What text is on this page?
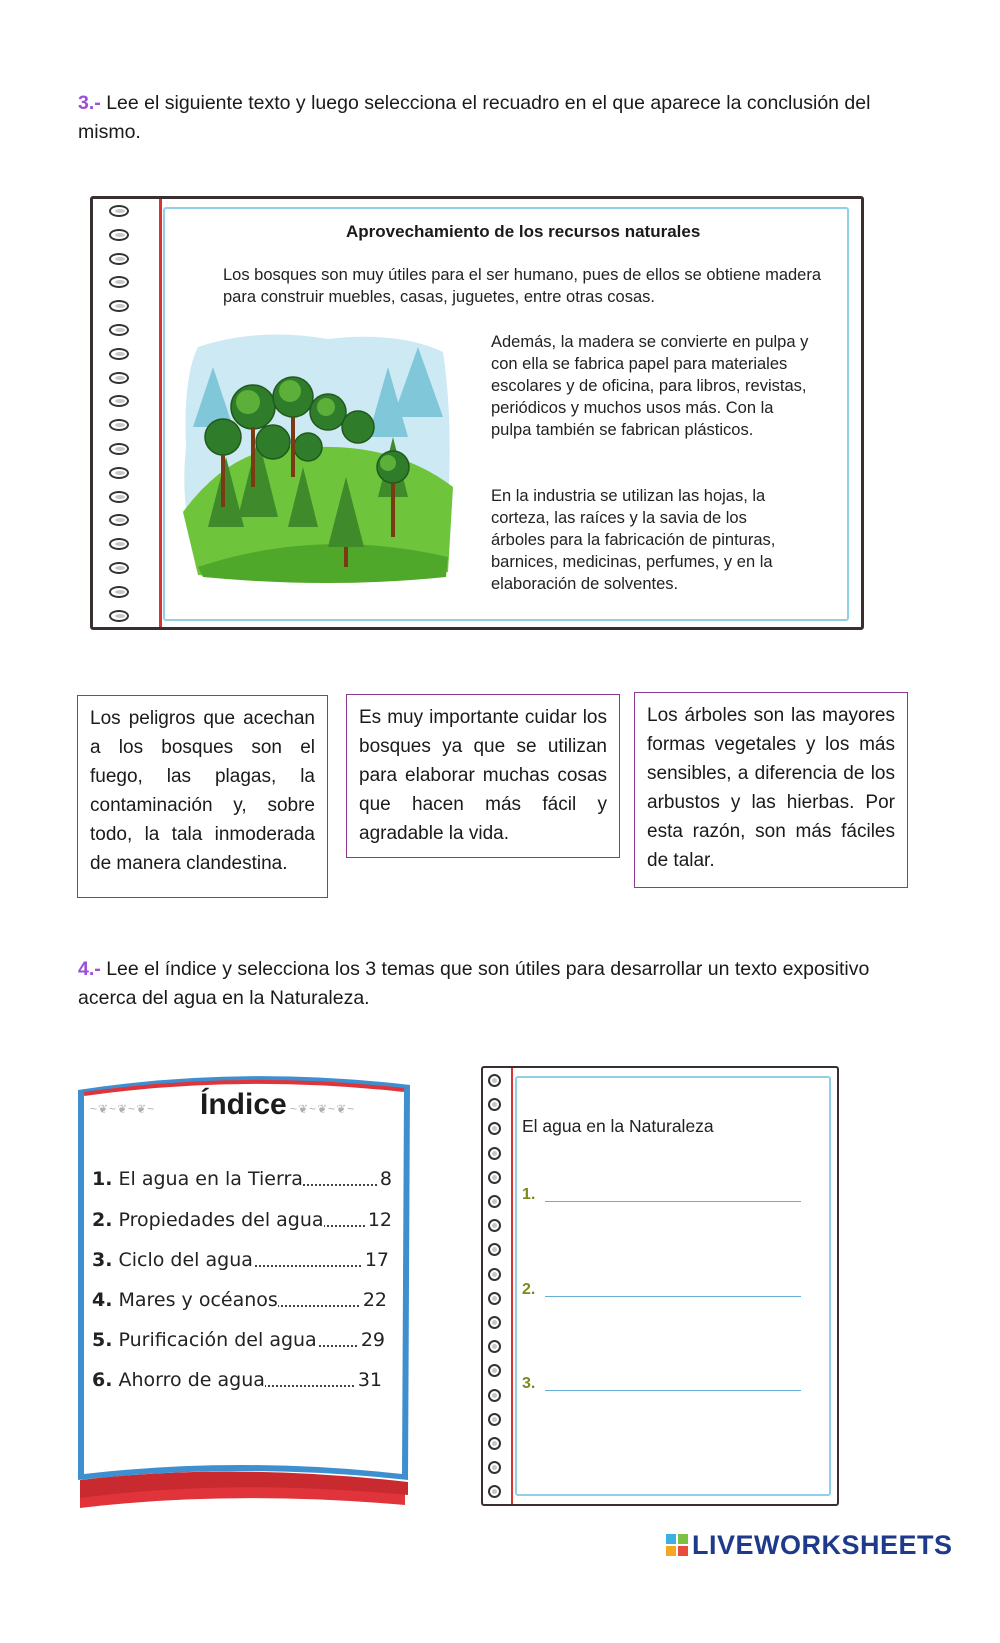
3.- Lee el siguiente texto y luego selecciona el recuadro en el que aparece la conclusión del mismo.
Aprovechamiento de los recursos naturales
Los bosques son muy útiles para el ser humano, pues de ellos se obtiene madera para construir muebles, casas, juguetes, entre otras cosas.
Además, la madera se convierte en pulpa y con ella se fabrica papel para materiales escolares y de oficina, para libros, revistas, periódicos y muchos usos más. Con la pulpa también se fabrican plásticos.
En la industria se utilizan las hojas, la corteza, las raíces y la savia de los árboles para la fabricación de pinturas, barnices, medicinas, perfumes, y en la elaboración de solventes.
Los peligros que acechan a los bosques son el fuego, las plagas, la contaminación y, sobre todo, la tala inmoderada de manera clandestina.
Es muy importante cuidar los bosques ya que se utilizan para elaborar muchas cosas que hacen más fácil y agradable la vida.
Los árboles son las mayores formas vegetales y los más sensibles, a diferencia de los arbustos y las hierbas. Por esta razón, son más fáciles de talar.
4.- Lee el índice y selecciona los 3 temas que son útiles para desarrollar un texto expositivo acerca del agua en la Naturaleza.
~❦~❦~❦~	~❦~❦~❦~
Índice
1. El agua en la Tierra	8
2. Propiedades del agua 12
3. Ciclo del agua	17
4. Mares y océanos	22
5. Purificación del agua 29
6. Ahorro de agua	31
El agua en la Naturaleza
1.
2.
3.
LIVEWORKSHEETS
